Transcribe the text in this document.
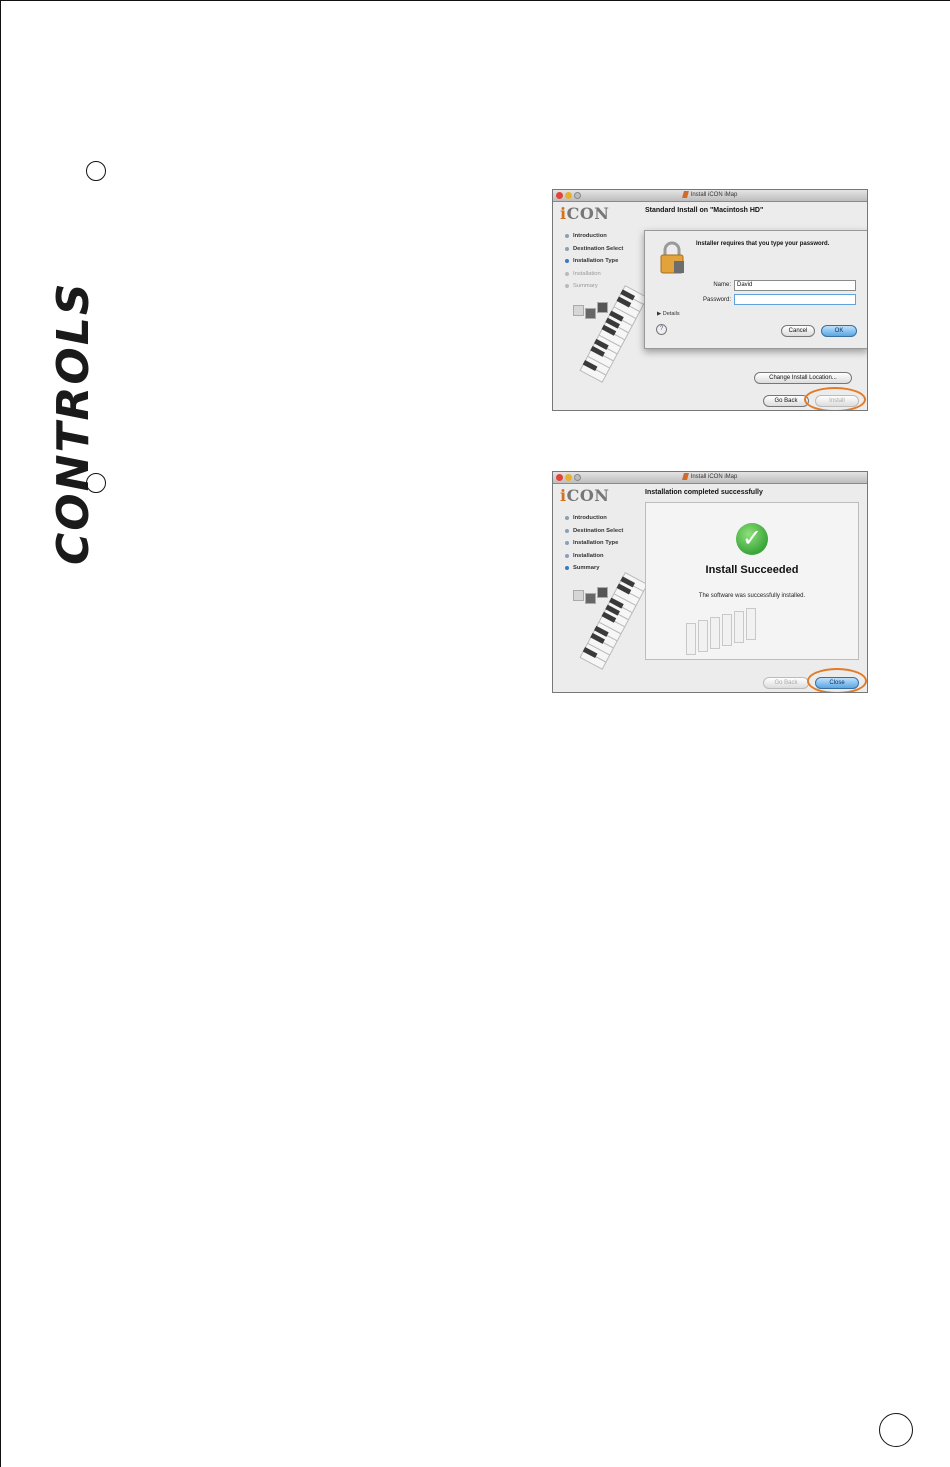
CONTROLS
Install iCON iMap
iCON	Standard Install on "Macintosh HD"
Introduction
Destination Select
Installation Type
Installation
Summary
Installer requires that you type your password.
Name:	David
Password:
▶ Details
?	Cancel	OK
Change Install Location...
Go Back	Install
Install iCON iMap
iCON	Installation completed successfully
Introduction
Destination Select
Installation Type
Installation
Summary
✓
Install Succeeded
The software was successfully installed.
Go Back	Close
